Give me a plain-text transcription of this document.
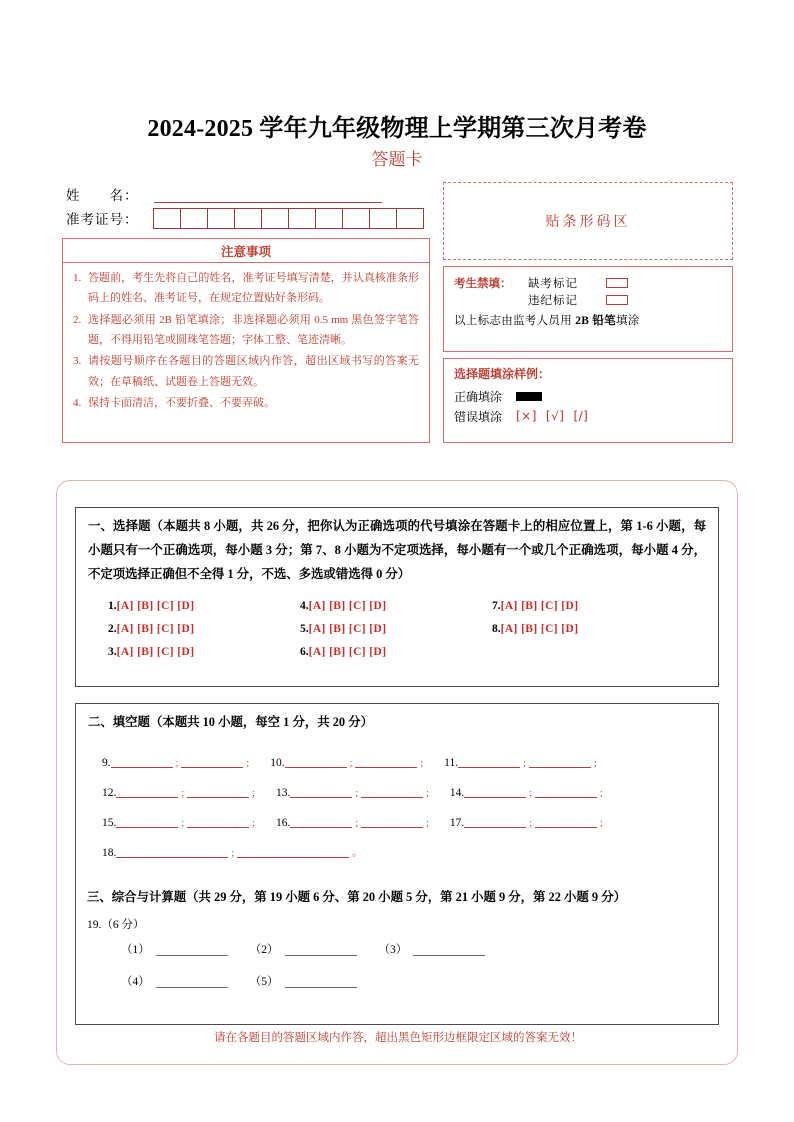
2024-2025 学年九年级物理上学期第三次月考卷
答题卡
姓　　名：
准考证号：
注意事项
1. 答题前，考生先将自己的姓名，准考证号填写清楚，并认真核准条形码上的姓名、准考证号，在规定位置贴好条形码。
2. 选择题必须用 2B 铅笔填涂；非选择题必须用 0.5 mm 黑色签字笔答题，不得用铅笔或圆珠笔答题；字体工整、笔迹清晰。
3. 请按题号顺序在各题目的答题区域内作答，超出区域书写的答案无效；在草稿纸、试题卷上答题无效。
4. 保持卡面清洁，不要折叠、不要弄破。
贴条形码区
考生禁填：	缺考标记

违纪标记
以上标志由监考人员用 2B 铅笔填涂
选择题填涂样例：
正确填涂
错误填涂	[×] [√] [/]
一、选择题（本题共 8 小题，共 26 分，把你认为正确选项的代号填涂在答题卡上的相应位置上，第 1-6 小题，每小题只有一个正确选项，每小题 3 分；第 7、8 小题为不定项选择，每小题有一个或几个正确选项，每小题 4 分，不定项选择正确但不全得 1 分，不选、多选或错选得 0 分）
1.[A] [B] [C] [D]
2.[A] [B] [C] [D]
3.[A] [B] [C] [D]
4.[A] [B] [C] [D]
5.[A] [B] [C] [D]
6.[A] [B] [C] [D]
7.[A] [B] [C] [D]
8.[A] [B] [C] [D]
二、填空题（本题共 10 小题，每空 1 分，共 20 分）
9.	;	; 10.	;	; 11.	;	;
12.	;	; 13.	;	; 14.	;	;
15.	;	; 16.	;	; 17.	;	;
18.	;	。
三、综合与计算题（共 29 分，第 19 小题 6 分、第 20 小题 5 分，第 21 小题 9 分，第 22 小题 9 分）
19.（6 分）
（1）	（2）	（3）
（4）	（5）
请在各题目的答题区域内作答，超出黑色矩形边框限定区域的答案无效！
